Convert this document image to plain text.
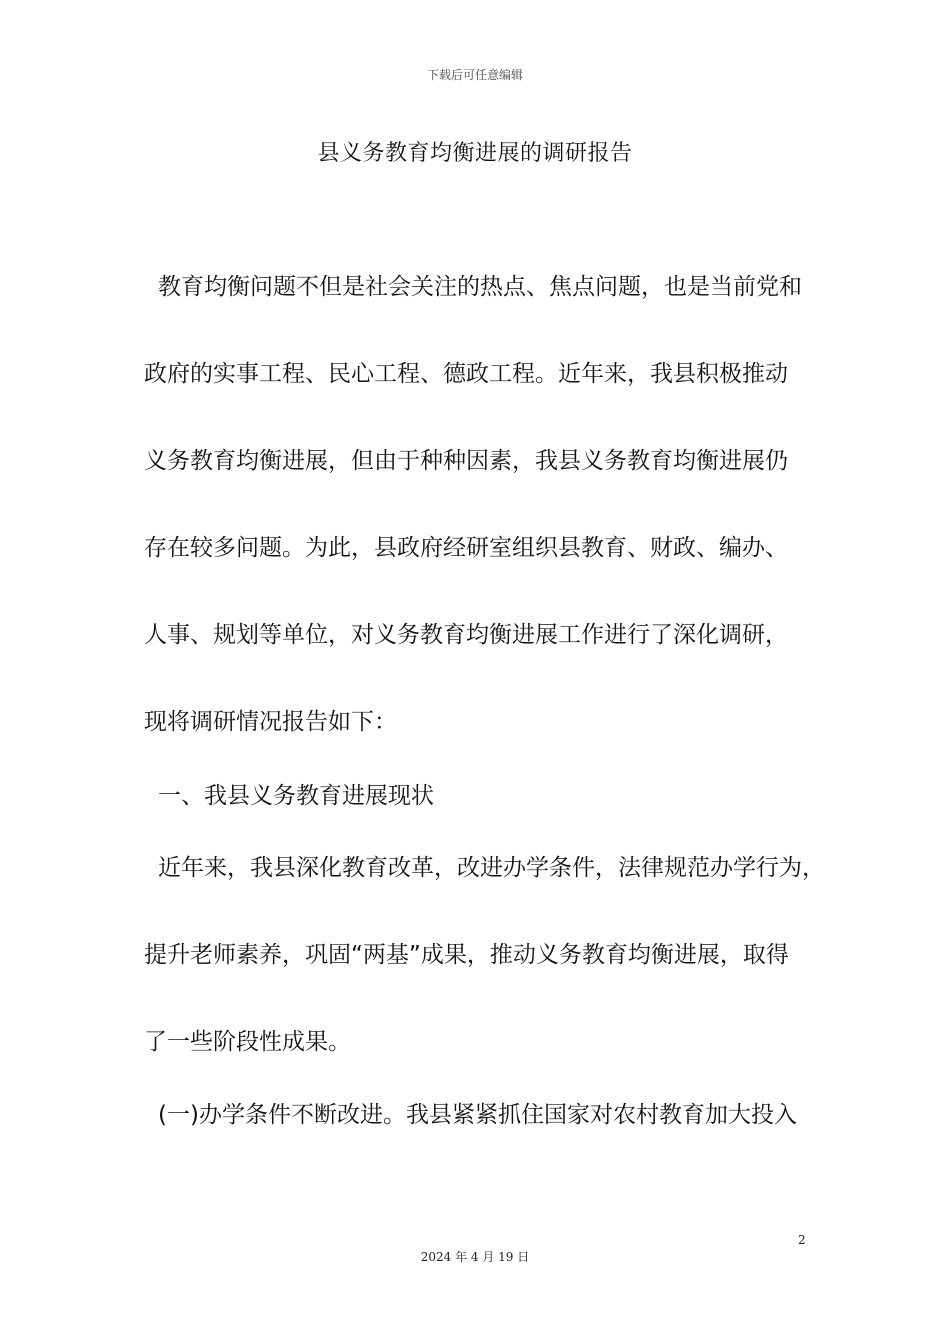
下载后可任意编辑
县义务教育均衡进展的调研报告
教育均衡问题不但是社会关注的热点、焦点问题，也是当前党和
政府的实事工程、民心工程、德政工程。近年来，我县积极推动
义务教育均衡进展，但由于种种因素，我县义务教育均衡进展仍
存在较多问题。为此，县政府经研室组织县教育、财政、编办、
人事、规划等单位，对义务教育均衡进展工作进行了深化调研，
现将调研情况报告如下：
一、我县义务教育进展现状
近年来，我县深化教育改革，改进办学条件，法律规范办学行为，
提升老师素养，巩固“两基”成果，推动义务教育均衡进展，取得
了一些阶段性成果。
(一)办学条件不断改进。我县紧紧抓住国家对农村教育加大投入
2
2024 年 4 月 19 日
